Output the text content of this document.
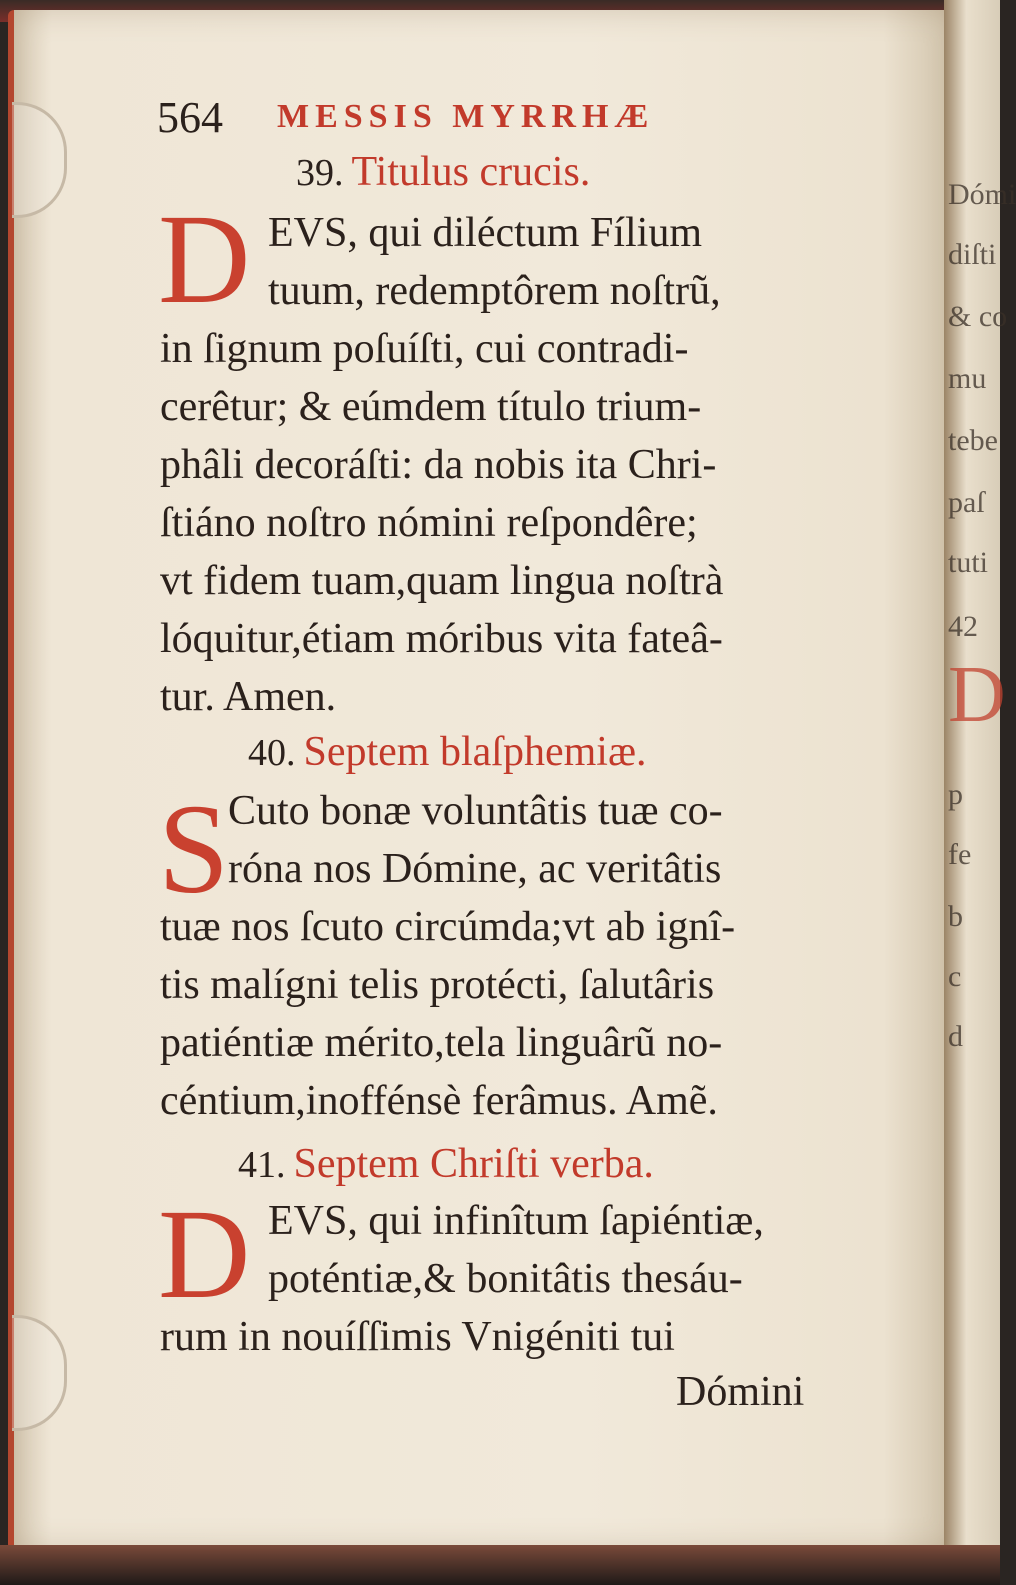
Dómi
diſti
& co
mu
tebe
paſ
tuti
42
D
p
fe
b
c
d
564 MESSIS MYRRHÆ
39. Titulus crucis.
D EVS, qui diléctum Fílium
tuum, redemptôrem noſtrũ,
in ſignum poſuíſti, cui contradi-
cerêtur; & eúmdem título trium-
phâli decoráſti: da nobis ita Chri-
ſtiáno noſtro nómini reſpondêre;
vt fidem tuam,quam lingua noſtrà
lóquitur,étiam móribus vita fateâ-
tur. Amen.
40. Septem blaſphemiæ.
S
Cuto bonæ voluntâtis tuæ co-
róna nos Dómine, ac veritâtis
tuæ nos ſcuto circúmda;vt ab ignî-
tis malígni telis protécti, ſalutâris
patiéntiæ mérito,tela linguârũ no-
céntium,inoffénsè ferâmus. Amẽ.
41. Septem Chriſti verba.
D EVS, qui infinîtum ſapiéntiæ,
poténtiæ,& bonitâtis thesáu-
rum in nouíſſimis Vnigéniti tui
Dómini
